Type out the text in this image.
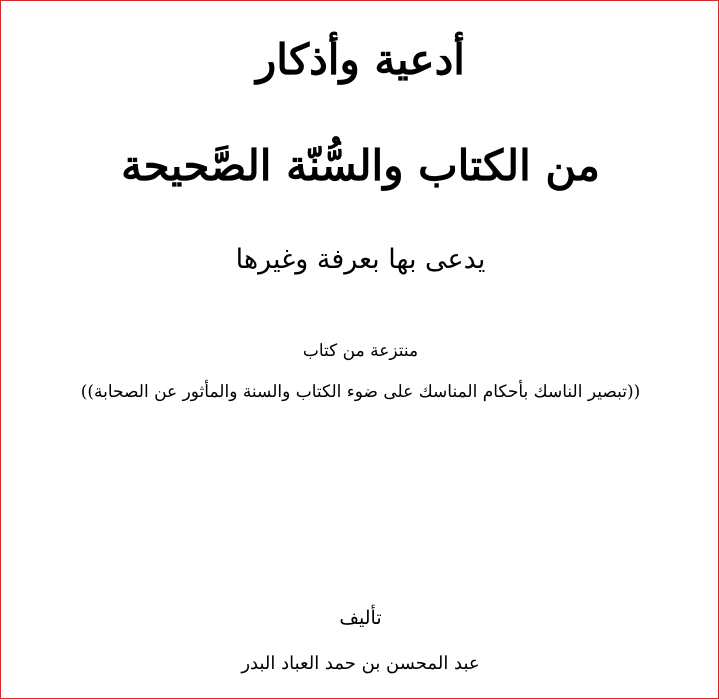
أدعية وأذكار
من الكتاب والسُّنّة الصَّحيحة
يدعى بها بعرفة وغيرها
منتزعة من كتاب
((تبصير الناسك بأحكام المناسك على ضوء الكتاب والسنة والمأثور عن الصحابة))
تأليف
عبد المحسن بن حمد العباد البدر
